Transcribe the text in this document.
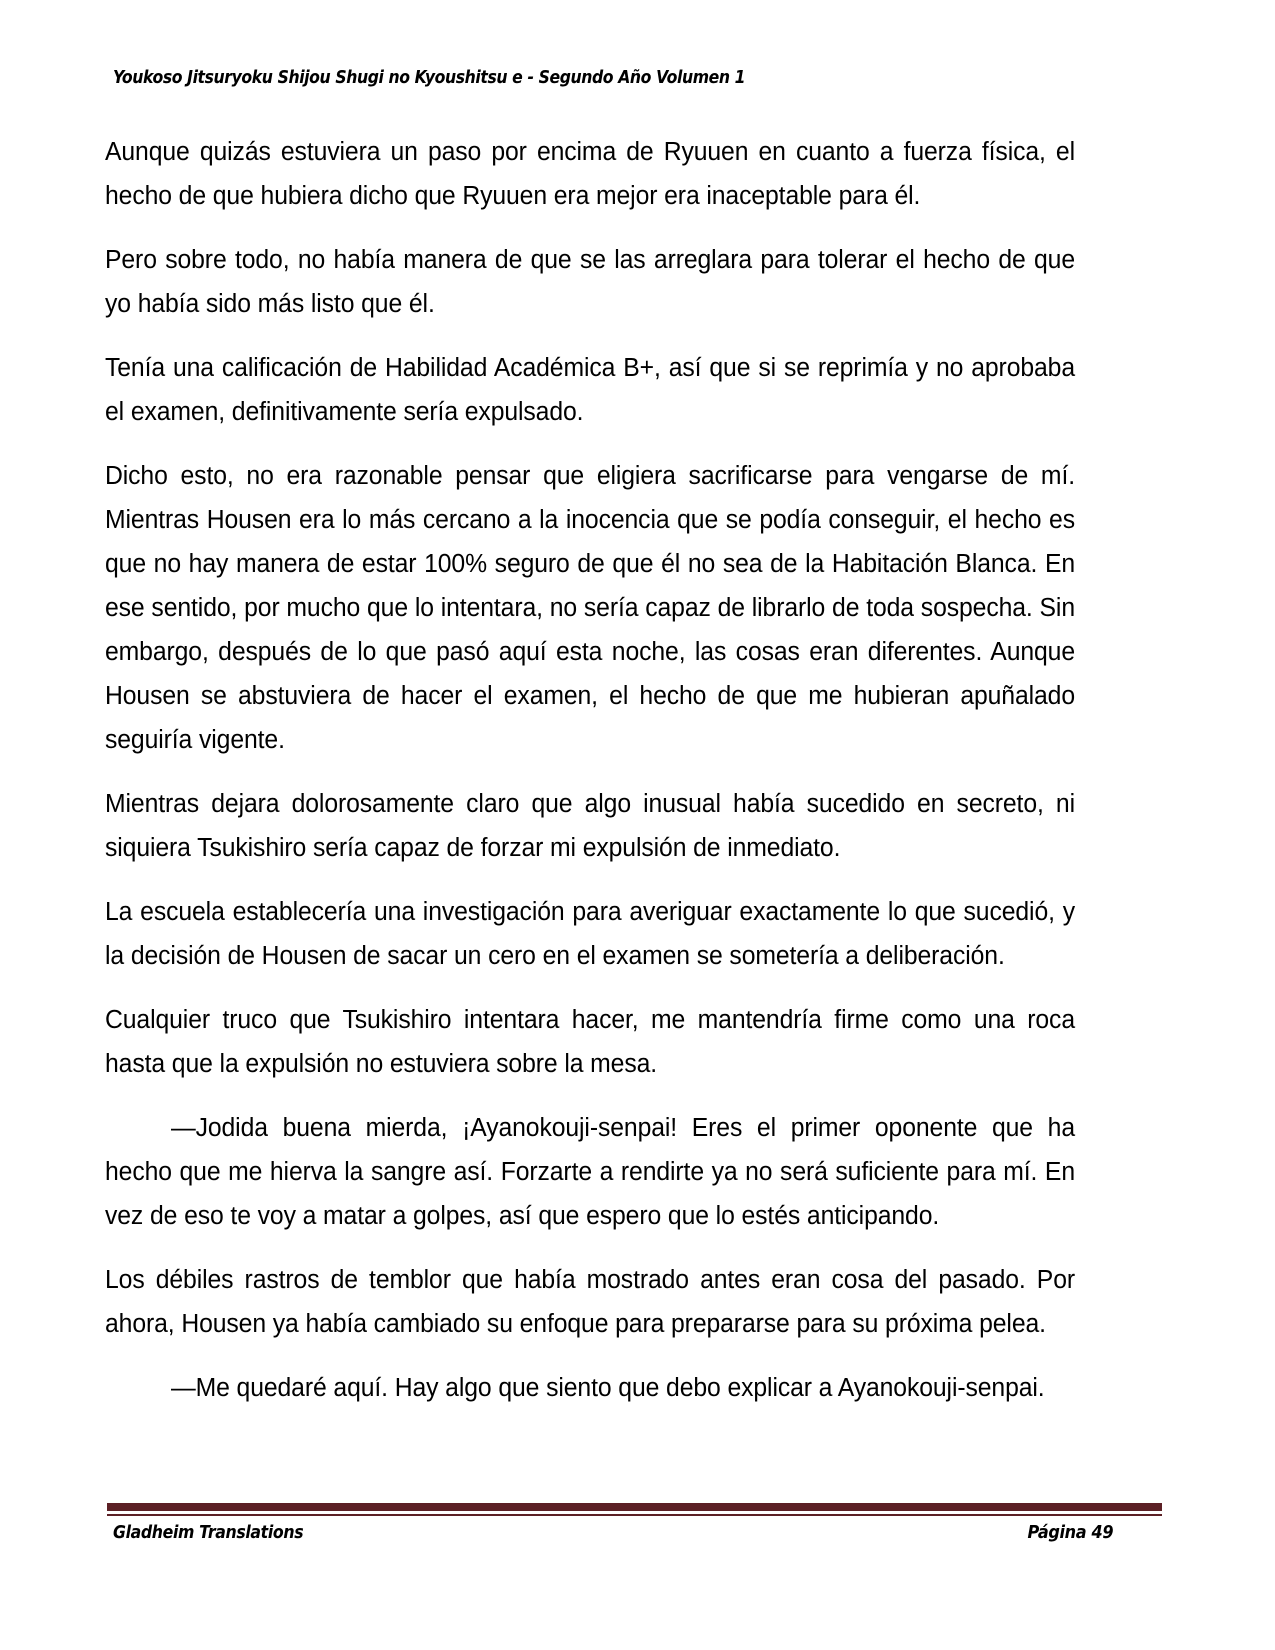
Youkoso Jitsuryoku Shijou Shugi no Kyoushitsu e - Segundo Año Volumen 1

Aunque quizás estuviera un paso por encima de Ryuuen en cuanto a fuerza física, el hecho de que hubiera dicho que Ryuuen era mejor era inaceptable para él.

Pero sobre todo, no había manera de que se las arreglara para tolerar el hecho de que yo había sido más listo que él.

Tenía una calificación de Habilidad Académica B+, así que si se reprimía y no aprobaba el examen, definitivamente sería expulsado.

Dicho esto, no era razonable pensar que eligiera sacrificarse para vengarse de mí. Mientras Housen era lo más cercano a la inocencia que se podía conseguir, el hecho es que no hay manera de estar 100% seguro de que él no sea de la Habitación Blanca. En ese sentido, por mucho que lo intentara, no sería capaz de librarlo de toda sospecha. Sin embargo, después de lo que pasó aquí esta noche, las cosas eran diferentes. Aunque Housen se abstuviera de hacer el examen, el hecho de que me hubieran apuñalado seguiría vigente.

Mientras dejara dolorosamente claro que algo inusual había sucedido en secreto, ni siquiera Tsukishiro sería capaz de forzar mi expulsión de inmediato.

La escuela establecería una investigación para averiguar exactamente lo que sucedió, y la decisión de Housen de sacar un cero en el examen se sometería a deliberación.

Cualquier truco que Tsukishiro intentara hacer, me mantendría firme como una roca hasta que la expulsión no estuviera sobre la mesa.

—Jodida buena mierda, ¡Ayanokouji-senpai! Eres el primer oponente que ha hecho que me hierva la sangre así. Forzarte a rendirte ya no será suficiente para mí. En vez de eso te voy a matar a golpes, así que espero que lo estés anticipando.

Los débiles rastros de temblor que había mostrado antes eran cosa del pasado. Por ahora, Housen ya había cambiado su enfoque para prepararse para su próxima pelea.

—Me quedaré aquí. Hay algo que siento que debo explicar a Ayanokouji-senpai.

Gladheim Translations	Página 49
